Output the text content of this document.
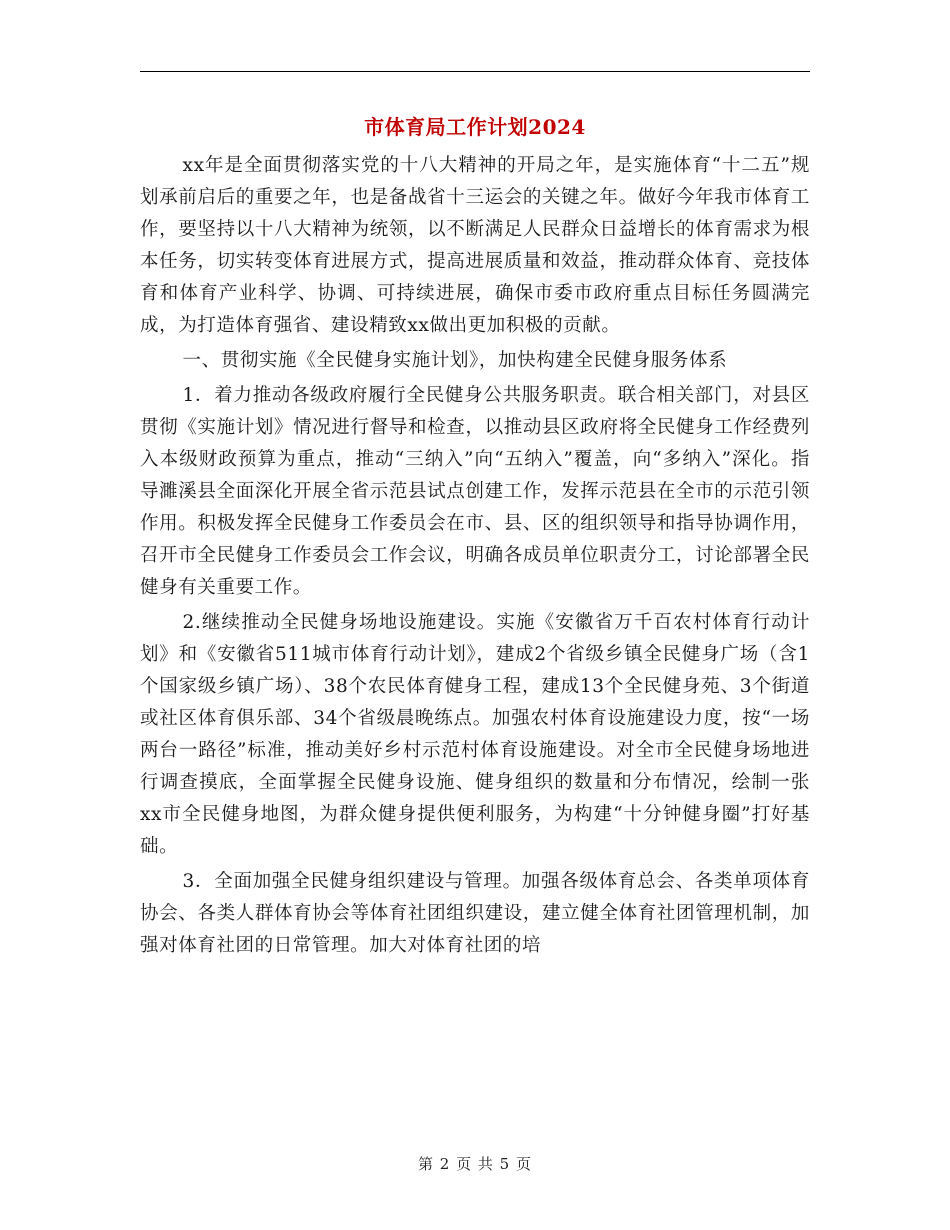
市体育局工作计划2024

xx年是全面贯彻落实党的十八大精神的开局之年，是实施体育“十二五”规划承前启后的重要之年，也是备战省十三运会的关键之年。做好今年我市体育工作，要坚持以十八大精神为统领，以不断满足人民群众日益增长的体育需求为根本任务，切实转变体育进展方式，提高进展质量和效益，推动群众体育、竞技体育和体育产业科学、协调、可持续进展，确保市委市政府重点目标任务圆满完成，为打造体育强省、建设精致xx做出更加积极的贡献。

一、贯彻实施《全民健身实施计划》，加快构建全民健身服务体系

1．着力推动各级政府履行全民健身公共服务职责。联合相关部门，对县区贯彻《实施计划》情况进行督导和检查，以推动县区政府将全民健身工作经费列入本级财政预算为重点，推动“三纳入”向“五纳入”覆盖，向“多纳入”深化。指导濉溪县全面深化开展全省示范县试点创建工作，发挥示范县在全市的示范引领作用。积极发挥全民健身工作委员会在市、县、区的组织领导和指导协调作用，召开市全民健身工作委员会工作会议，明确各成员单位职责分工，讨论部署全民健身有关重要工作。

2.继续推动全民健身场地设施建设。实施《安徽省万千百农村体育行动计划》和《安徽省511城市体育行动计划》，建成2个省级乡镇全民健身广场（含1个国家级乡镇广场）、38个农民体育健身工程，建成13个全民健身苑、3个街道或社区体育俱乐部、34个省级晨晚练点。加强农村体育设施建设力度，按“一场两台一路径”标准，推动美好乡村示范村体育设施建设。对全市全民健身场地进行调查摸底，全面掌握全民健身设施、健身组织的数量和分布情况，绘制一张xx市全民健身地图，为群众健身提供便利服务，为构建“十分钟健身圈”打好基础。

3．全面加强全民健身组织建设与管理。加强各级体育总会、各类单项体育协会、各类人群体育协会等体育社团组织建设，建立健全体育社团管理机制，加强对体育社团的日常管理。加大对体育社团的培

第 2 页 共 5 页
